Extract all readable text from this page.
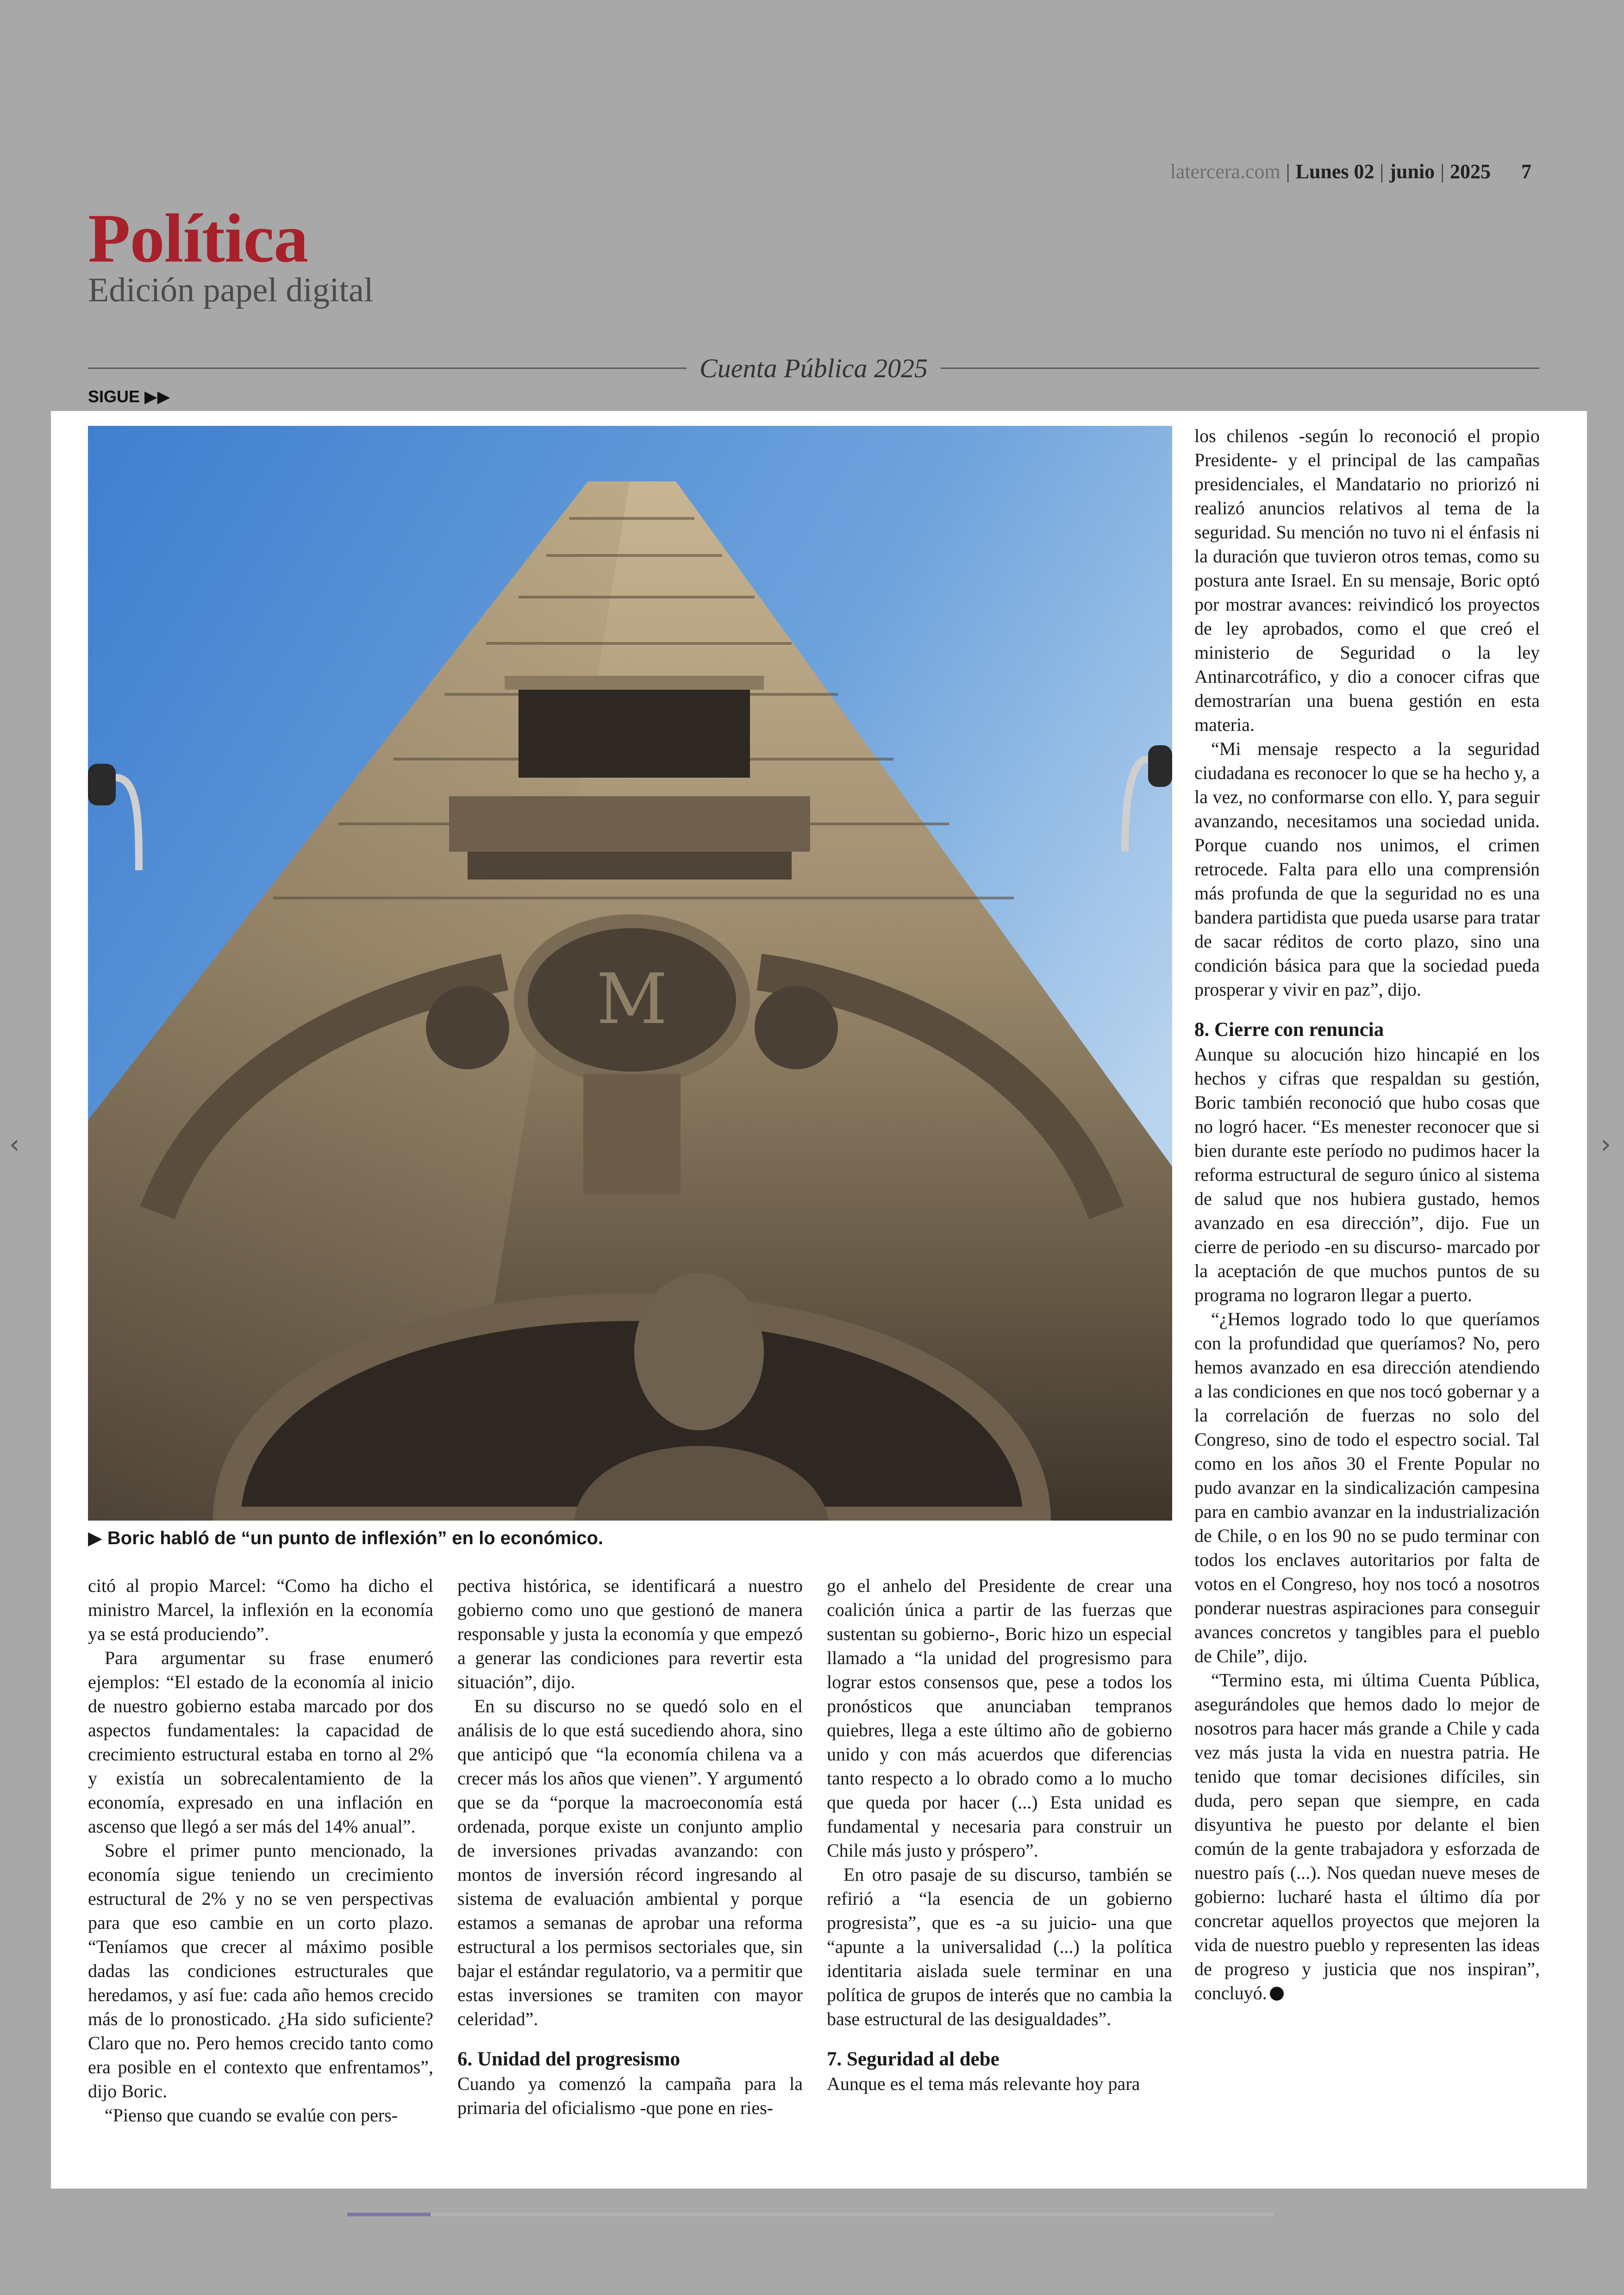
latercera.com | Lunes 02 | junio | 2025 7
Política
Edición papel digital
Cuenta Pública 2025
SIGUE ▶▶
M
▶ Boric habló de “un punto de inflexión” en lo económico.

citó al propio Marcel: “Como ha dicho el ministro Marcel, la inflexión en la economía ya se está produciendo”.

Para argumentar su frase enumeró ejemplos: “El estado de la economía al inicio de nuestro gobierno estaba marcado por dos aspectos fundamentales: la capacidad de crecimiento estructural estaba en torno al 2% y existía un sobrecalentamiento de la economía, expresado en una inflación en ascenso que llegó a ser más del 14% anual”.

Sobre el primer punto mencionado, la economía sigue teniendo un crecimiento estructural de 2% y no se ven perspectivas para que eso cambie en un corto plazo. “Teníamos que crecer al máximo posible dadas las condiciones estructurales que heredamos, y así fue: cada año hemos crecido más de lo pronosticado. ¿Ha sido suficiente? Claro que no. Pero hemos crecido tanto como era posible en el contexto que enfrentamos”, dijo Boric.

“Pienso que cuando se evalúe con pers-

pectiva histórica, se identificará a nuestro gobierno como uno que gestionó de manera responsable y justa la economía y que empezó a generar las condiciones para revertir esta situación”, dijo.

En su discurso no se quedó solo en el análisis de lo que está sucediendo ahora, sino que anticipó que “la economía chilena va a crecer más los años que vienen”. Y argumentó que se da “porque la macroeconomía está ordenada, porque existe un conjunto amplio de inversiones privadas avanzando: con montos de inversión récord ingresando al sistema de evaluación ambiental y porque estamos a semanas de aprobar una reforma estructural a los permisos sectoriales que, sin bajar el estándar regulatorio, va a permitir que estas inversiones se tramiten con mayor celeridad”.

6. Unidad del progresismo

Cuando ya comenzó la campaña para la primaria del oficialismo -que pone en ries-

go el anhelo del Presidente de crear una coalición única a partir de las fuerzas que sustentan su gobierno-, Boric hizo un especial llamado a “la unidad del progresismo para lograr estos consensos que, pese a todos los pronósticos que anunciaban tempranos quiebres, llega a este último año de gobierno unido y con más acuerdos que diferencias tanto respecto a lo obrado como a lo mucho que queda por hacer (...) Esta unidad es fundamental y necesaria para construir un Chile más justo y próspero”.

En otro pasaje de su discurso, también se refirió a “la esencia de un gobierno progresista”, que es -a su juicio- una que “apunte a la universalidad (...) la política identitaria aislada suele terminar en una política de grupos de interés que no cambia la base estructural de las desigualdades”.

7. Seguridad al debe

Aunque es el tema más relevante hoy para

los chilenos -según lo reconoció el propio Presidente- y el principal de las campañas presidenciales, el Mandatario no priorizó ni realizó anuncios relativos al tema de la seguridad. Su mención no tuvo ni el énfasis ni la duración que tuvieron otros temas, como su postura ante Israel. En su mensaje, Boric optó por mostrar avances: reivindicó los proyectos de ley aprobados, como el que creó el ministerio de Seguridad o la ley Antinarcotráfico, y dio a conocer cifras que demostrarían una buena gestión en esta materia.

“Mi mensaje respecto a la seguridad ciudadana es reconocer lo que se ha hecho y, a la vez, no conformarse con ello. Y, para seguir avanzando, necesitamos una sociedad unida. Porque cuando nos unimos, el crimen retrocede. Falta para ello una comprensión más profunda de que la seguridad no es una bandera partidista que pueda usarse para tratar de sacar réditos de corto plazo, sino una condición básica para que la sociedad pueda prosperar y vivir en paz”, dijo.

8. Cierre con renuncia

Aunque su alocución hizo hincapié en los hechos y cifras que respaldan su gestión, Boric también reconoció que hubo cosas que no logró hacer. “Es menester reconocer que si bien durante este período no pudimos hacer la reforma estructural de seguro único al sistema de salud que nos hubiera gustado, hemos avanzado en esa dirección”, dijo. Fue un cierre de periodo -en su discurso- marcado por la aceptación de que muchos puntos de su programa no lograron llegar a puerto.

“¿Hemos logrado todo lo que queríamos con la profundidad que queríamos? No, pero hemos avanzado en esa dirección atendiendo a las condiciones en que nos tocó gobernar y a la correlación de fuerzas no solo del Congreso, sino de todo el espectro social. Tal como en los años 30 el Frente Popular no pudo avanzar en la sindicalización campesina para en cambio avanzar en la industrialización de Chile, o en los 90 no se pudo terminar con todos los enclaves autoritarios por falta de votos en el Congreso, hoy nos tocó a nosotros ponderar nuestras aspiraciones para conseguir avances concretos y tangibles para el pueblo de Chile”, dijo.

“Termino esta, mi última Cuenta Pública, asegurándoles que hemos dado lo mejor de nosotros para hacer más grande a Chile y cada vez más justa la vida en nuestra patria. He tenido que tomar decisiones difíciles, sin duda, pero sepan que siempre, en cada disyuntiva he puesto por delante el bien común de la gente trabajadora y esforzada de nuestro país (...). Nos quedan nueve meses de gobierno: lucharé hasta el último día por concretar aquellos proyectos que mejoren la vida de nuestro pueblo y representen las ideas de progreso y justicia que nos inspiran”, concluyó.

‹	›
